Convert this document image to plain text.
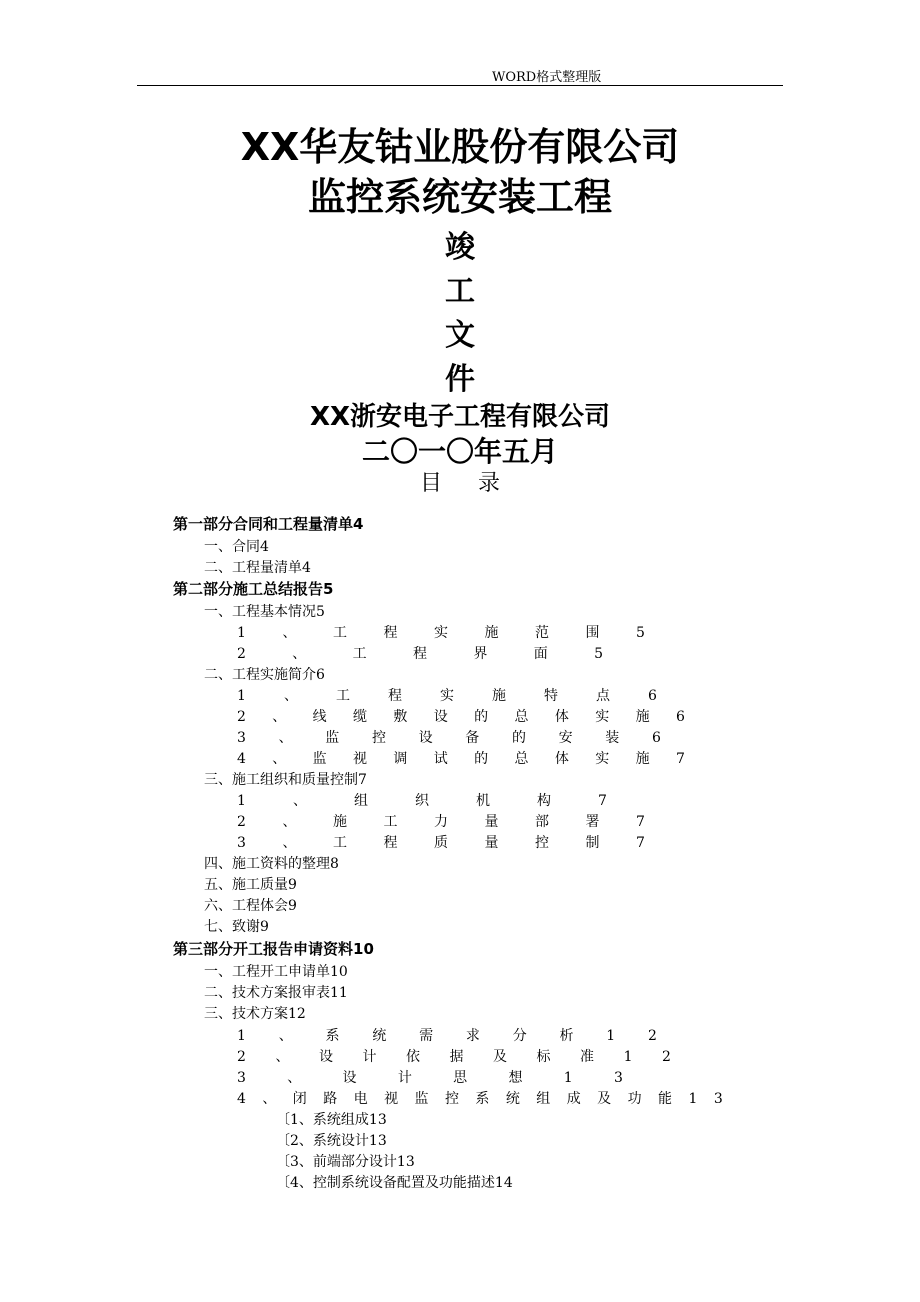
WORD格式整理版
XX华友钴业股份有限公司
监控系统安装工程
竣
工
文
件
XX浙安电子工程有限公司
二〇一〇年五月
目 录
第一部分合同和工程量清单4
一、合同4
二、工程量清单4
第二部分施工总结报告5
一、工程基本情况5
1	、	工	程	实	施	范	围	5
2	、	工	程	界	面	5
二、工程实施简介6
1	、	工	程	实	施	特	点	6
2 、 线 缆 敷 设 的 总 体 实 施 6
3 、 监 控 设 备 的 安 装 6
4 、 监 视 调 试 的 总 体 实 施 7
三、施工组织和质量控制7
1	、	组	织	机	构	7
2	、	施	工	力	量	部	署	7
3	、	工	程	质	量	控	制	7
四、施工资料的整理8
五、施工质量9
六、工程体会9
七、致谢9
第三部分开工报告申请资料10
一、工程开工申请单10
二、技术方案报审表11
三、技术方案12
1 、 系 统 需 求 分 析 1 2
2 、 设 计 依 据 及 标 准 1 2
3	、	设	计	思	想	1	3
4 、 闭 路 电 视 监 控 系 统 组 成 及 功 能 1 3
〔1、系统组成13
〔2、系统设计13
〔3、前端部分设计13
〔4、控制系统设备配置及功能描述14
